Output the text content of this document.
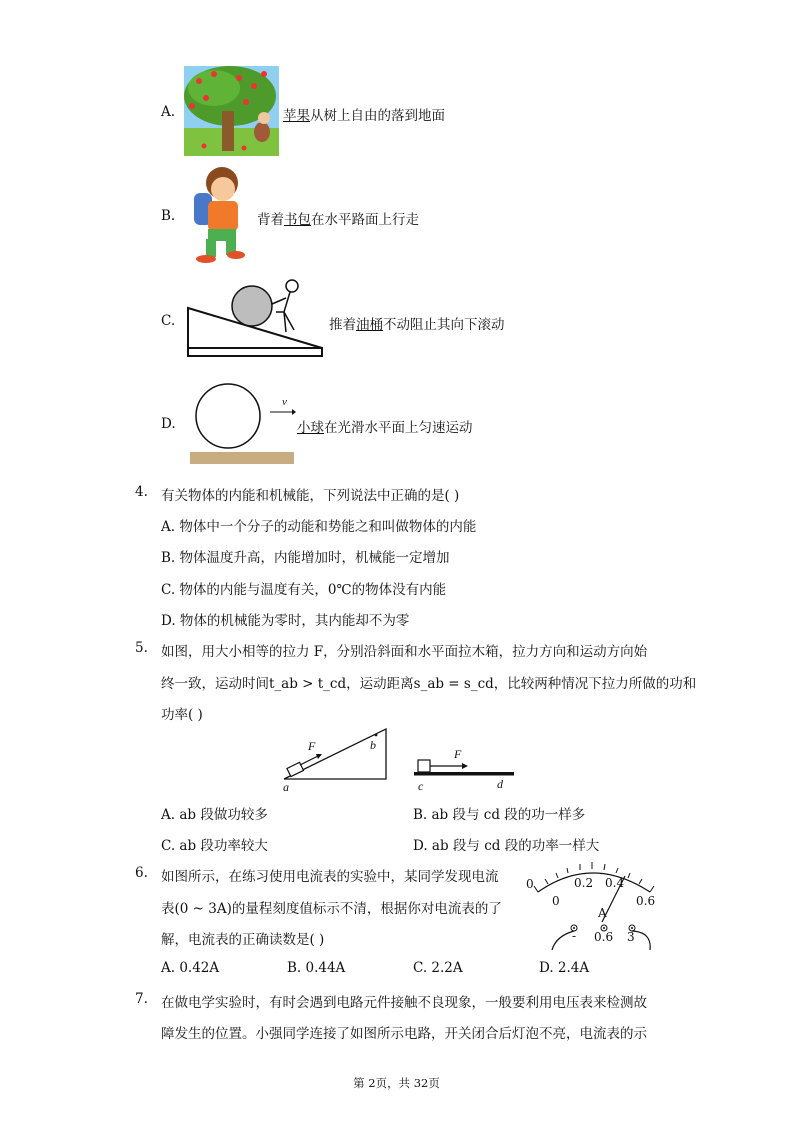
A.	苹果从树上自由的落到地面
B.	背着书包在水平路面上行走
C.	推着油桶不动阻止其向下滚动
D.
v
小球在光滑水平面上匀速运动
4. 有关物体的内能和机械能，下列说法中正确的是( )
A. 物体中一个分子的动能和势能之和叫做物体的内能
B. 物体温度升高，内能增加时，机械能一定增加
C. 物体的内能与温度有关，0℃的物体没有内能
D. 物体的机械能为零时，其内能却不为零
5. 如图，用大小相等的拉力 F，分别沿斜面和水平面拉木箱，拉力方向和运动方向始
终一致，运动时间t_ab > t_cd，运动距离s_ab = s_cd，比较两种情况下拉力所做的功和
功率( )
F	b
a
F
c	d
A. ab 段做功较多	B. ab 段与 cd 段的功一样多
C. ab 段功率较大	D. ab 段与 cd 段的功率一样大
6. 如图所示，在练习使用电流表的实验中，某同学发现电流
表(0 ~ 3A)的量程刻度值标示不清，根据你对电流表的了
解，电流表的正确读数是( )
0	0.2 0.4
0	0.6
A
- 0.6 3
A. 0.42A	B. 0.44A	C. 2.2A	D. 2.4A
7. 在做电学实验时，有时会遇到电路元件接触不良现象，一般要利用电压表来检测故
障发生的位置。小强同学连接了如图所示电路，开关闭合后灯泡不亮，电流表的示
第 2页，共 32页
